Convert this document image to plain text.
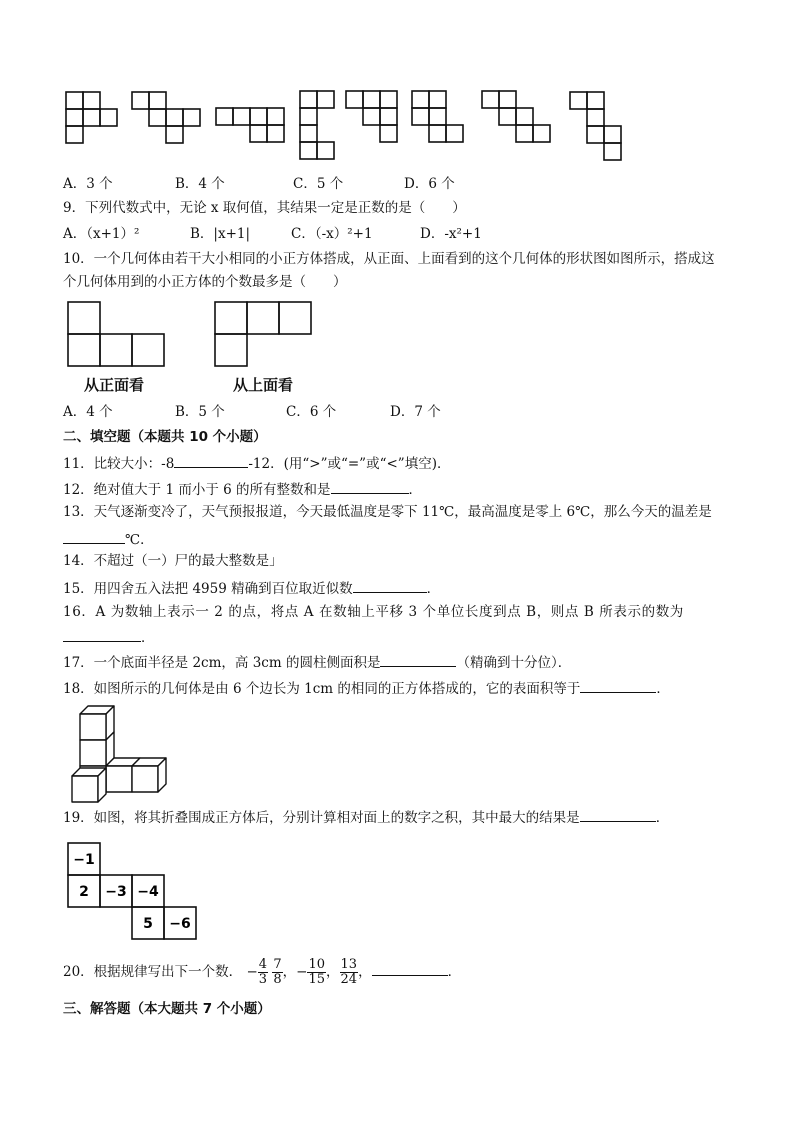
A．3 个	B．4 个	C．5 个	D．6 个
9．下列代数式中，无论 x 取何值，其结果一定是正数的是（　　）
A．（x+1）²	B．|x+1|	C．（-x）²+1	D．-x²+1
10．一个几何体由若干大小相同的小正方体搭成，从正面、上面看到的这个几何体的形状图如图所示，搭成这
个几何体用到的小正方体的个数最多是（　　）
从正面看	从上面看
A．4 个	B．5 个	C．6 个	D．7 个
二、填空题（本题共 10 个小题）
11．比较大小：-8	-12．(用“>”或“=”或“<”填空)．
12．绝对值大于 1 而小于 6 的所有整数和是	．
13．天气逐渐变冷了，天气预报报道，今天最低温度是零下 11℃，最高温度是零上 6℃，那么今天的温差是
℃．
14．不超过（一）尸的最大整数是」
15．用四舍五入法把 4959 精确到百位取近似数	．
16．A 为数轴上表示一 2 的点，将点 A 在数轴上平移 3 个单位长度到点 B，则点 B 所表示的数为
．
17．一个底面半径是 2cm，高 3cm 的圆柱侧面积是	（精确到十分位）．
18．如图所示的几何体是由 6 个边长为 1cm 的相同的正方体搭成的，它的表面积等于	．
19．如图，将其折叠围成正方体后，分别计算相对面上的数字之积，其中最大的结果是	．
−1
2 −3 −4
5 −6
20．根据规律写出下一个数． − $\frac{4}{3}$
$\frac{7}{8}$ ，− $\frac{10}{15}$ ， $\frac{13}{24}$ ，	．
三、解答题（本大题共 7 个小题）
